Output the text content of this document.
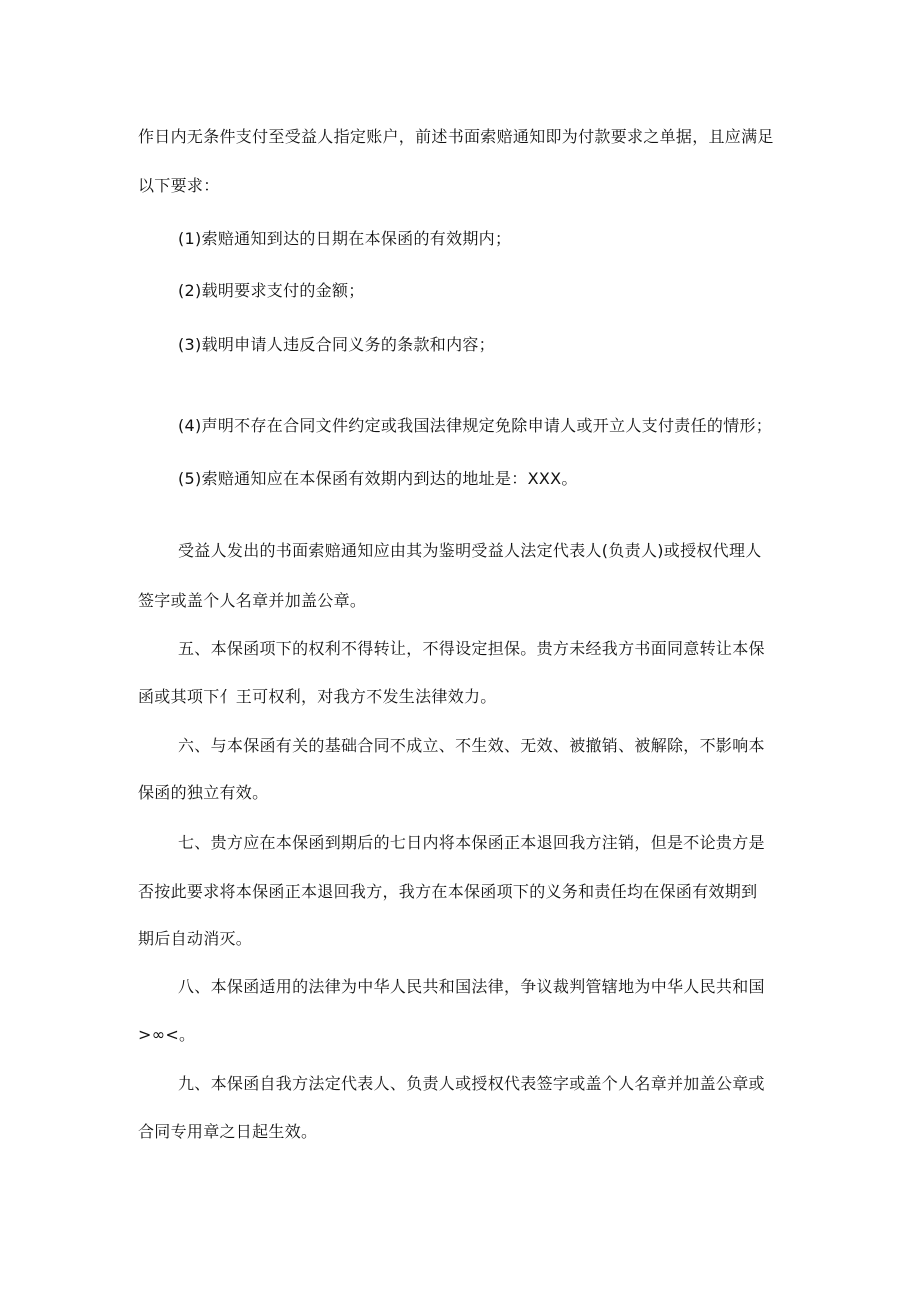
作日内无条件支付至受益人指定账户，前述书面索赔通知即为付款要求之单据，且应满足
以下要求：
(1)索赔通知到达的日期在本保函的有效期内；
(2)载明要求支付的金额；
(3)载明申请人违反合同义务的条款和内容；
(4)声明不存在合同文件约定或我国法律规定免除申请人或开立人支付责任的情形；
(5)索赔通知应在本保函有效期内到达的地址是：XXX。
受益人发出的书面索赔通知应由其为鉴明受益人法定代表人(负责人)或授权代理人
签字或盖个人名章并加盖公章。
五、本保函项下的权利不得转让，不得设定担保。贵方未经我方书面同意转让本保
函或其项下亻王可权利，对我方不发生法律效力。
六、与本保函有关的基础合同不成立、不生效、无效、被撤销、被解除，不影响本
保函的独立有效。
七、贵方应在本保函到期后的七日内将本保函正本退回我方注销，但是不论贵方是
否按此要求将本保函正本退回我方，我方在本保函项下的义务和责任均在保函有效期到
期后自动消灭。
八、本保函适用的法律为中华人民共和国法律，争议裁判管辖地为中华人民共和国
>∞<。
九、本保函自我方法定代表人、负责人或授权代表签字或盖个人名章并加盖公章或
合同专用章之日起生效。
